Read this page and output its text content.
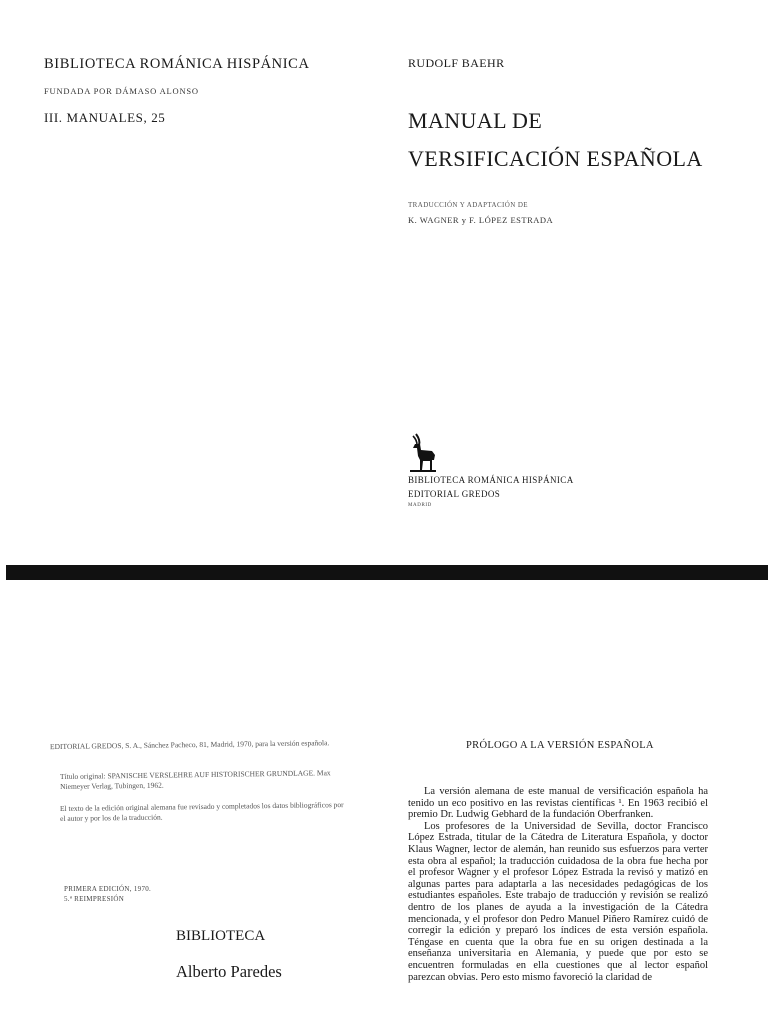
BIBLIOTECA ROMÁNICA HISPÁNICA
FUNDADA POR DÁMASO ALONSO
III. MANUALES, 25
RUDOLF BAEHR
MANUAL DE
VERSIFICACIÓN ESPAÑOLA
TRADUCCIÓN Y ADAPTACIÓN DE
K. WAGNER y F. LÓPEZ ESTRADA
BIBLIOTECA ROMÁNICA HISPÁNICA
EDITORIAL GREDOS
MADRID
EDITORIAL GREDOS, S. A., Sánchez Pacheco, 81, Madrid, 1970, para la versión española.
Título original: SPANISCHE VERSLEHRE AUF HISTORISCHER GRUNDLAGE. Max Niemeyer Verlag, Tubingen, 1962.
El texto de la edición original alemana fue revisado y completados los datos bibliográficos por el autor y por los de la traducción.
PRIMERA EDICIÓN, 1970.
5.ª REIMPRESIÓN
BIBLIOTECA
Alberto Paredes
PRÓLOGO A LA VERSIÓN ESPAÑOLA

La versión alemana de este manual de versificación española ha tenido un eco positivo en las revistas científicas ¹. En 1963 recibió el premio Dr. Ludwig Gebhard de la fundación Oberfranken.

Los profesores de la Universidad de Sevilla, doctor Francisco López Estrada, titular de la Cátedra de Literatura Española, y doctor Klaus Wagner, lector de alemán, han reunido sus esfuerzos para verter esta obra al español; la traducción cuidadosa de la obra fue hecha por el profesor Wagner y el profesor López Estrada la revisó y matizó en algunas partes para adaptarla a las necesidades pedagógicas de los estudiantes españoles. Este trabajo de traducción y revisión se realizó dentro de los planes de ayuda a la investigación de la Cátedra mencionada, y el profesor don Pedro Manuel Piñero Ramírez cuidó de corregir la edición y preparó los índices de esta versión española. Téngase en cuenta que la obra fue en su origen destinada a la enseñanza universitaria en Alemania, y puede que por esto se encuentren formuladas en ella cuestiones que al lector español parezcan obvias. Pero esto mismo favoreció la claridad de
